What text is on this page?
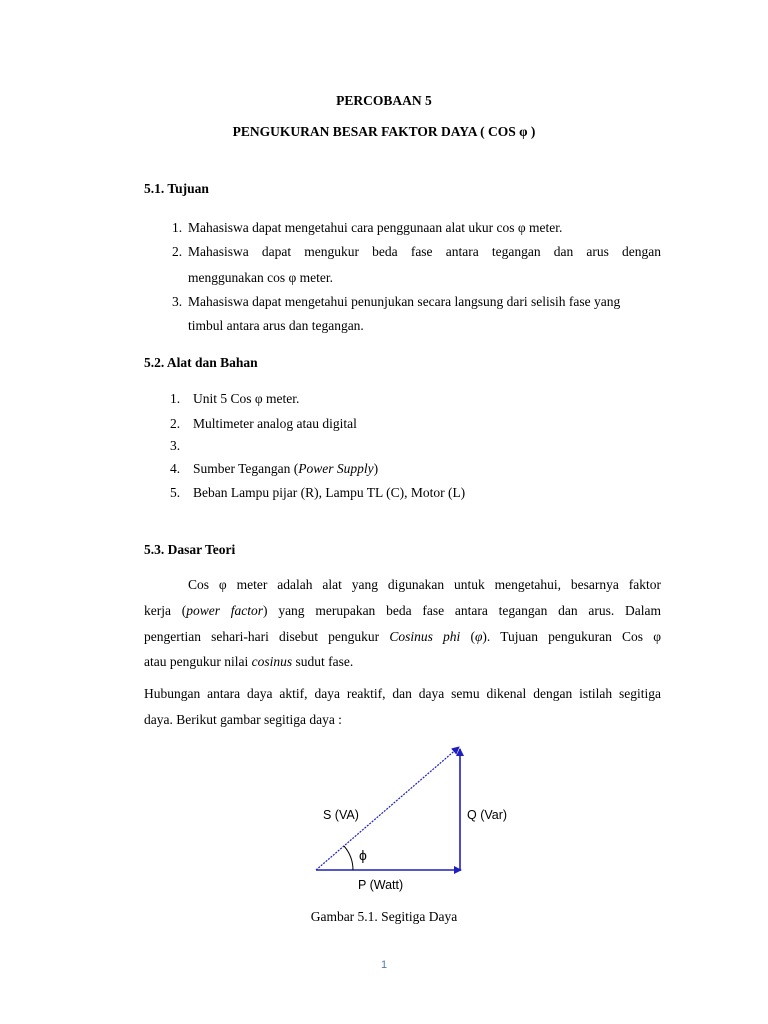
PERCOBAAN 5
PENGUKURAN BESAR FAKTOR DAYA ( COS φ )
5.1. Tujuan
1. Mahasiswa dapat mengetahui cara penggunaan alat ukur cos φ meter.
2. Mahasiswa dapat mengukur beda fase antara tegangan dan arus dengan
menggunakan cos φ meter.
3. Mahasiswa dapat mengetahui penunjukan secara langsung dari selisih fase yang
timbul antara arus dan tegangan.
5.2. Alat dan Bahan
1. Unit 5 Cos φ meter.
2. Multimeter analog atau digital
3.
4. Sumber Tegangan (Power Supply)
5. Beban Lampu pijar (R), Lampu TL (C), Motor (L)
5.3. Dasar Teori
Cos φ meter adalah alat yang digunakan untuk mengetahui, besarnya faktor
kerja (power factor) yang merupakan beda fase antara tegangan dan arus. Dalam
pengertian sehari-hari disebut pengukur Cosinus phi (φ). Tujuan pengukuran Cos φ
atau pengukur nilai cosinus sudut fase.
Hubungan antara daya aktif, daya reaktif, dan daya semu dikenal dengan istilah segitiga
daya. Berikut gambar segitiga daya :
S (VA)	Q (Var)
ϕ
P (Watt)
Gambar 5.1. Segitiga Daya
1
